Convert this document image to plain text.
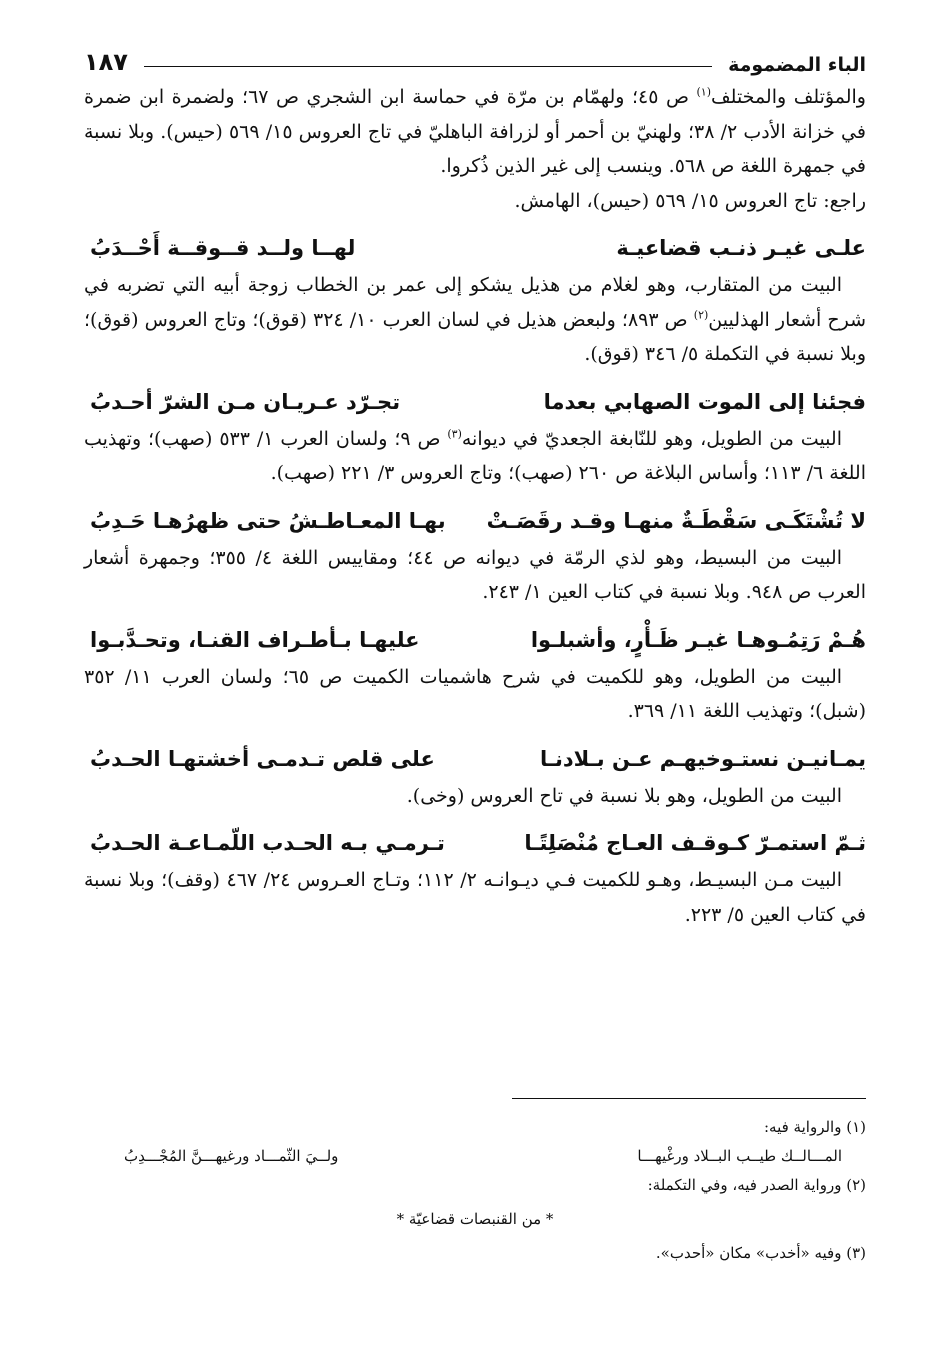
الباء المضمومة
١٨٧

والمؤتلف والمختلف$^{(١)}$ ص ٤٥؛ ولهمّام بن مرّة في حماسة ابن الشجري ص ٦٧؛ ولضمرة ابن ضمرة في خزانة الأدب ٢/ ٣٨؛ ولهنيّ بن أحمر أو لزرافة الباهليّ في تاج العروس ١٥/ ٥٦٩ (حيس). وبلا نسبة في جمهرة اللغة ص ٥٦٨. وينسب إلى غير الذين ذُكروا.

راجع: تاج العروس ١٥/ ٥٦٩ (حيس)، الهامش.

علـى غيـر ذنـب قضاعيـة
لهــا ولــد قــوقــة أَحْــدَبُ

البيت من المتقارب، وهو لغلام من هذيل يشكو إلى عمر بن الخطاب زوجة أبيه التي تضربه في شرح أشعار الهذليين$^{(٢)}$ ص ٨٩٣؛ ولبعض هذيل في لسان العرب ١٠/ ٣٢٤ (قوق)؛ وتاج العروس (قوق)؛ وبلا نسبة في التكملة ٥/ ٣٤٦ (قوق).

فجئنا إلى الموت الصهابي بعدما
تجـرّد عـريـان مـن الشرّ أحـدبُ

البيت من الطويل، وهو للنّابغة الجعديّ في ديوانه$^{(٣)}$ ص ٩؛ ولسان العرب ١/ ٥٣٣ (صهب)؛ وتهذيب اللغة ٦/ ١١٣؛ وأساس البلاغة ص ٢٦٠ (صهب)؛ وتاج العروس ٣/ ٢٢١ (صهب).

لا تُشْتَكَـى سَقْطَـةٌ منهـا وقـد رقَصَـتْ
بهـا المعـاطـشُ حتى ظهرُهـا حَـدِبُ

البيت من البسيط، وهو لذي الرمّة في ديوانه ص ٤٤؛ ومقاييس اللغة ٤/ ٣٥٥؛ وجمهرة أشعار العرب ص ٩٤٨. وبلا نسبة في كتاب العين ١/ ٢٤٣.

هُـمْ رَتِمُـوهـا غيـر ظَـأْرٍ، وأشبلـوا
عليهـا بـأطـراف القنـا، وتحـدَّبـوا

البيت من الطويل، وهو للكميت في شرح هاشميات الكميت ص ٦٥؛ ولسان العرب ١١/ ٣٥٢ (شبل)؛ وتهذيب اللغة ١١/ ٣٦٩.

يمـانيـن نستـوخيهـم عـن بـلادنـا
على قلص تـدمـى أخشتهـا الحـدبُ

البيت من الطويل، وهو بلا نسبة في تاح العروس (وخى).

ثـمّ استمـرّ كـوقـف العـاج مُنْصَلِتًـا
تـرمـي بـه الحـدب اللّمـاعـة الحـدبُ

البيت مـن البسيـط، وهـو للكميت فـي ديـوانـه ٢/ ١١٢؛ وتـاج العـروس ٢٤/ ٤٦٧ (وقف)؛ وبلا نسبة في كتاب العين ٥/ ٢٢٣.

(١) والرواية فيه:

المـــالــك طيــب البــلاد ورغْيهـــا
ولــيَ الثّمـــاد ورغيهـــنَّ المُجْـــدِبُ

(٢) ورواية الصدر فيه، وفي التكملة:

* من القنبصات قضاعيّة *

(٣) وفيه «أخدب» مكان «أحدب».
